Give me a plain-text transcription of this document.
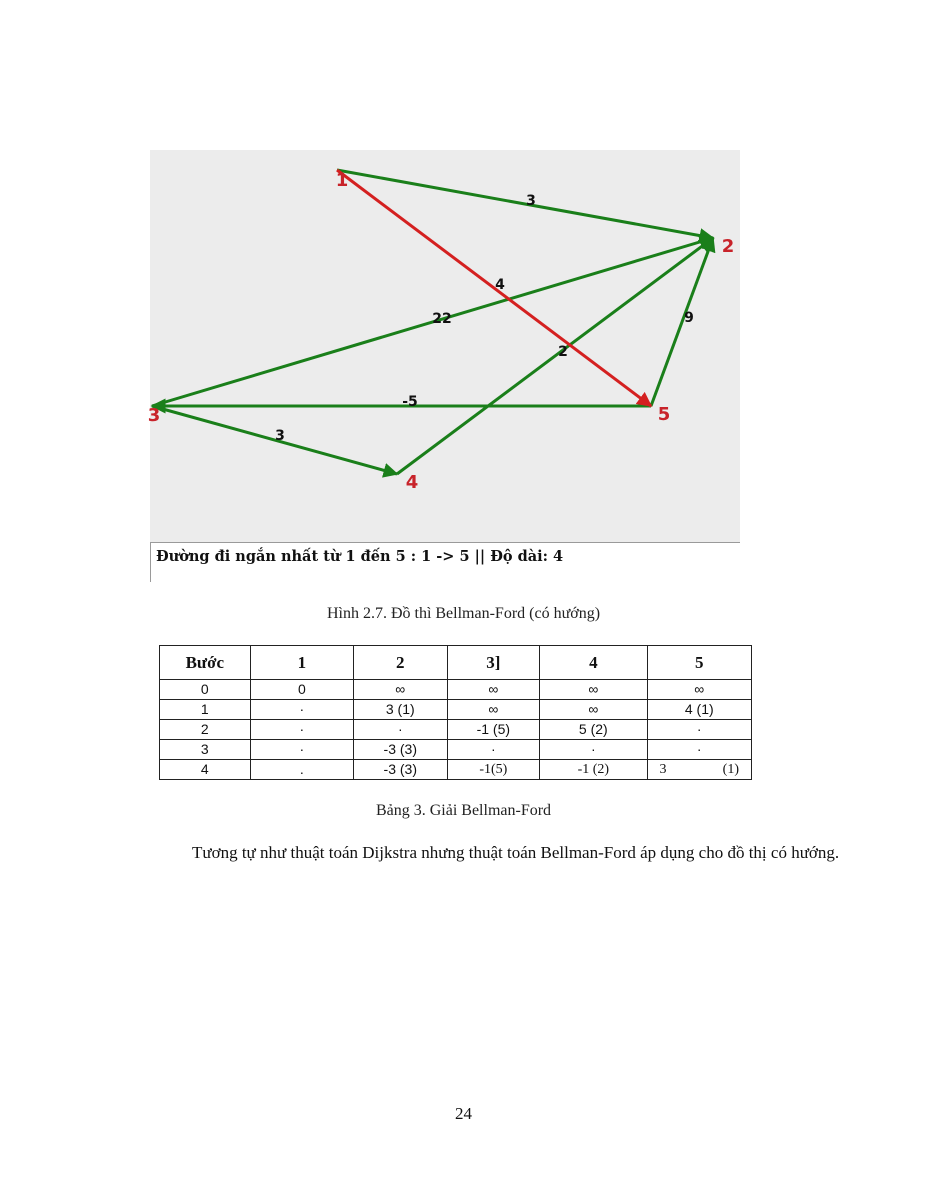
3
4
22
2
9
-5
3
1
2
3
4
5
Đường đi ngắn nhất từ 1 đến 5 : 1 -> 5 || Độ dài: 4
Hình 2.7. Đồ thì Bellman-Ford (có hướng)
Bước	1	2	3]	4	5
0	0	∞	∞	∞	∞
1	·	3 (1)	∞	∞	4 (1)
2	·	·	-1 (5)	5 (2)	·
3	·	-3 (3)	·	·	·
4	.	-3 (3)	-1(5)	-1 (2)	3 (1)
Bảng 3. Giải Bellman-Ford
Tương tự như thuật toán Dijkstra nhưng thuật toán Bellman-Ford áp dụng cho đồ thị có hướng.
24
